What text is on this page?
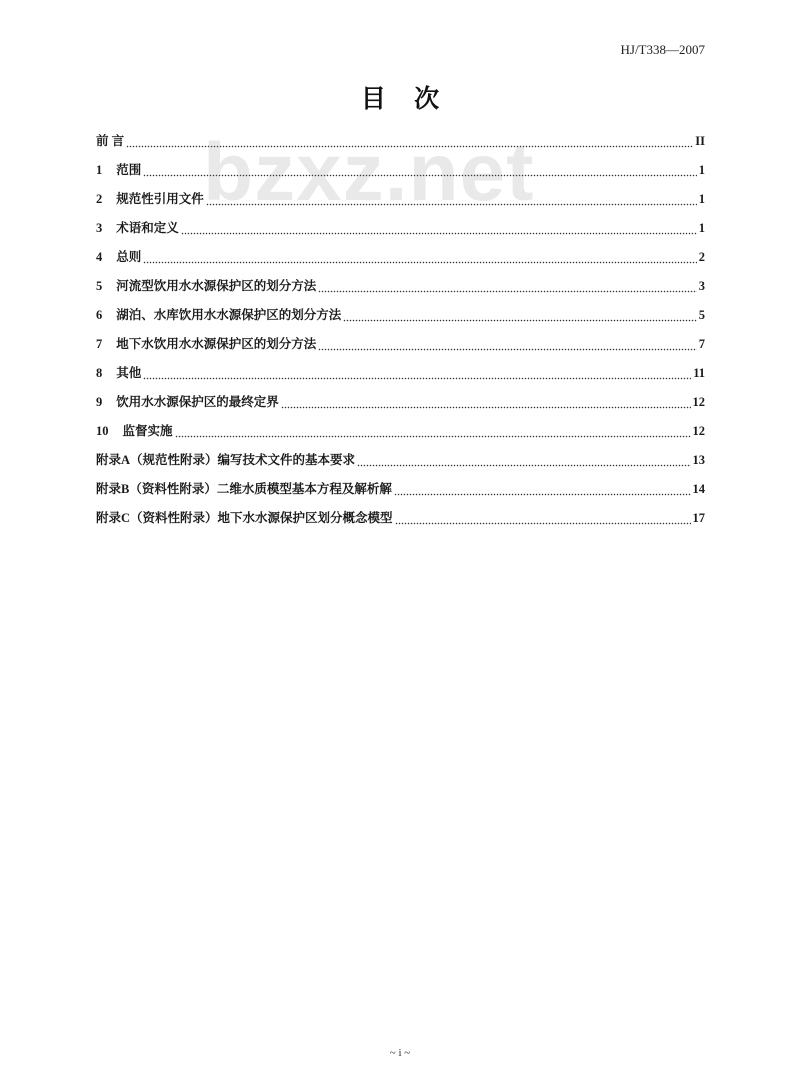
HJ/T338—2007
目 次
前 言	II
1 范围	1
2 规范性引用文件	1
3 术语和定义	1
4 总则	2
5 河流型饮用水水源保护区的划分方法	3
6 湖泊、水库饮用水水源保护区的划分方法	5
7 地下水饮用水水源保护区的划分方法	7
8 其他	11
9 饮用水水源保护区的最终定界	12
10 监督实施	12
附录A（规范性附录）编写技术文件的基本要求	13
附录B（资料性附录）二维水质模型基本方程及解析解	14
附录C（资料性附录）地下水水源保护区划分概念模型	17
~ i ~
